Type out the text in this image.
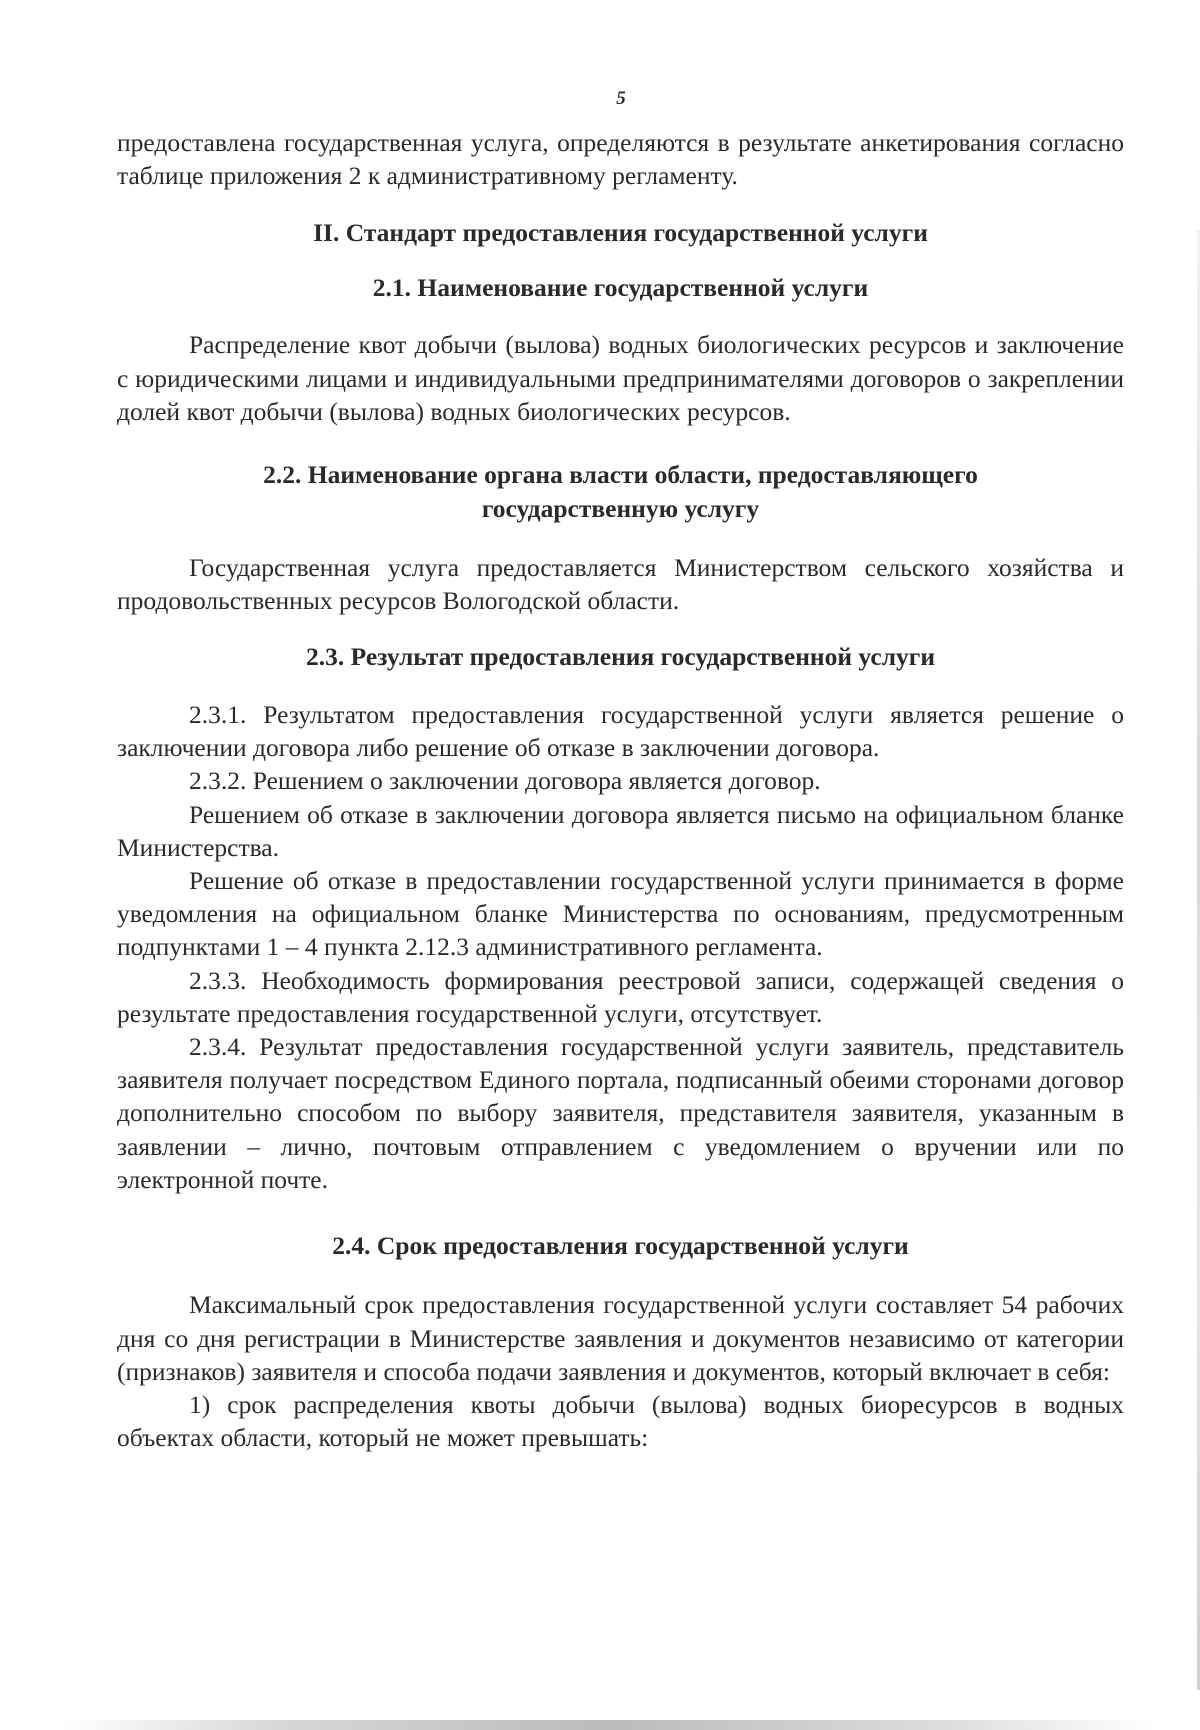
5

предоставлена государственная услуга, определяются в результате анкетирования согласно таблице приложения 2 к административному регламенту.

II. Стандарт предоставления государственной услуги
2.1. Наименование государственной услуги

Распределение квот добычи (вылова) водных биологических ресурсов и заключение с юридическими лицами и индивидуальными предпринимателями договоров о закреплении долей квот добычи (вылова) водных биологических ресурсов.

2.2. Наименование органа власти области, предоставляющего
государственную услугу

Государственная услуга предоставляется Министерством сельского хозяйства и продовольственных ресурсов Вологодской области.

2.3. Результат предоставления государственной услуги

2.3.1. Результатом предоставления государственной услуги является решение о заключении договора либо решение об отказе в заключении договора.

2.3.2. Решением о заключении договора является договор.

Решением об отказе в заключении договора является письмо на официальном бланке Министерства.

Решение об отказе в предоставлении государственной услуги принимается в форме уведомления на официальном бланке Министерства по основаниям, предусмотренным подпунктами 1 – 4 пункта 2.12.3 административного регламента.

2.3.3. Необходимость формирования реестровой записи, содержащей сведения о результате предоставления государственной услуги, отсутствует.

2.3.4. Результат предоставления государственной услуги заявитель, представитель заявителя получает посредством Единого портала, подписанный обеими сторонами договор дополнительно способом по выбору заявителя, представителя заявителя, указанным в заявлении – лично, почтовым отправлением с уведомлением о вручении или по электронной почте.

2.4. Срок предоставления государственной услуги

Максимальный срок предоставления государственной услуги составляет 54 рабочих дня со дня регистрации в Министерстве заявления и документов независимо от категории (признаков) заявителя и способа подачи заявления и документов, который включает в себя:

1) срок распределения квоты добычи (вылова) водных биоресурсов в водных объектах области, который не может превышать:
